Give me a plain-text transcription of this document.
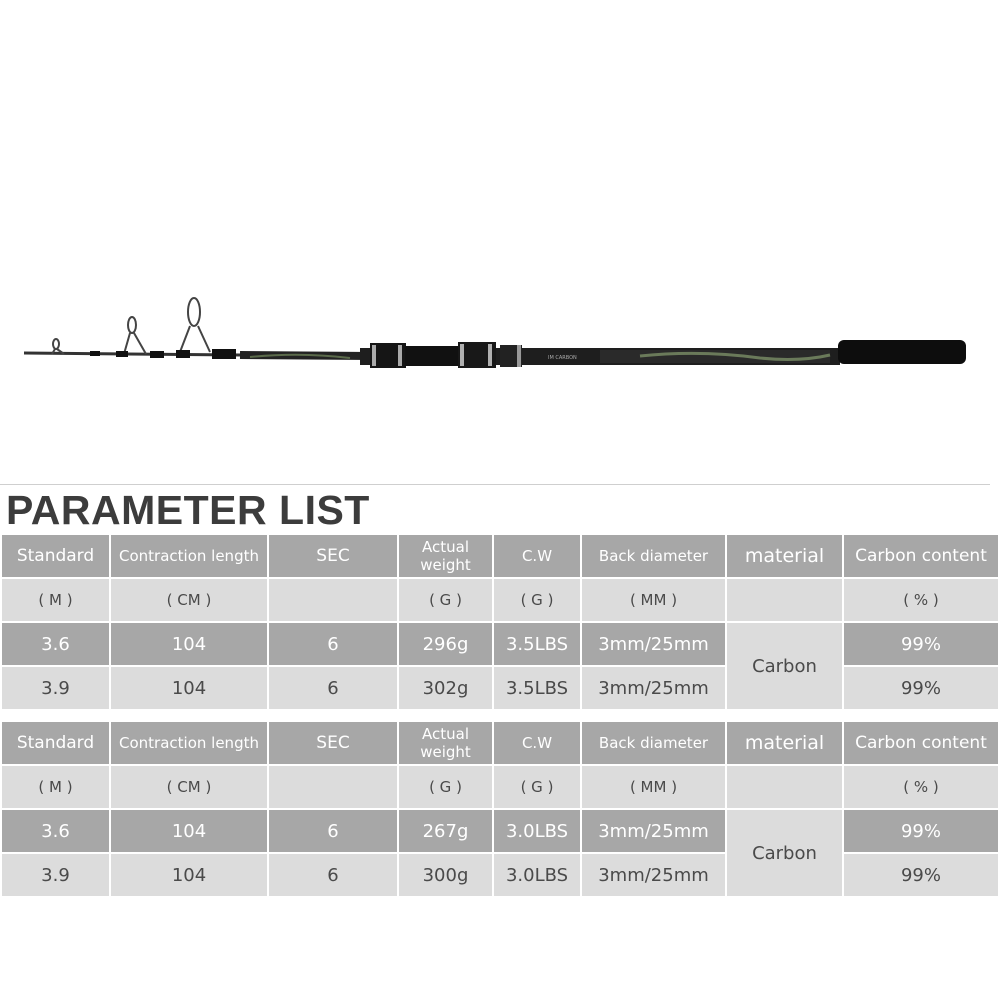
IM CARBON
PARAMETER LIST
Standard	Contraction length	SEC	Actual weight	C.W	Back diameter	material	Carbon content
( M )	( CM )		( G )	( G )	( MM )		( % )
3.6	104	6	296g	3.5LBS	3mm/25mm	Carbon	99%
3.9	104	6	302g	3.5LBS	3mm/25mm		99%
Standard	Contraction length	SEC	Actual weight	C.W	Back diameter	material	Carbon content
( M )	( CM )		( G )	( G )	( MM )		( % )
3.6	104	6	267g	3.0LBS	3mm/25mm	Carbon	99%
3.9	104	6	300g	3.0LBS	3mm/25mm		99%
